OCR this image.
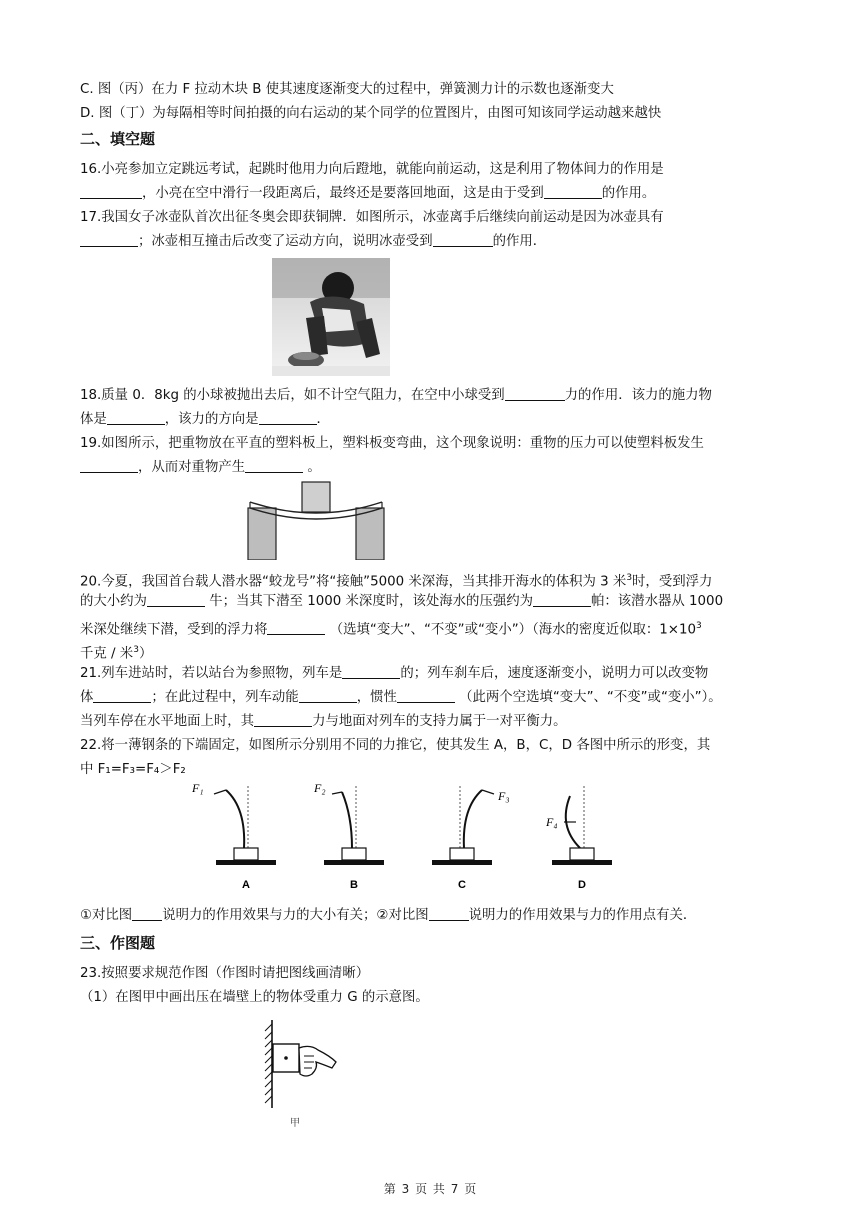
C. 图（丙）在力 F 拉动木块 B 使其速度逐渐变大的过程中，弹簧测力计的示数也逐渐变大
D. 图（丁）为每隔相等时间拍摄的向右运动的某个同学的位置图片，由图可知该同学运动越来越快
二、填空题
16.小亮参加立定跳远考试，起跳时他用力向后蹬地，就能向前运动，这是利用了物体间力的作用是
，小亮在空中滑行一段距离后，最终还是要落回地面，这是由于受到	的作用。
17.我国女子冰壶队首次出征冬奥会即获铜牌．如图所示，冰壶离手后继续向前运动是因为冰壶具有
；冰壶相互撞击后改变了运动方向，说明冰壶受到	的作用．
18.质量 0．8kg 的小球被抛出去后，如不计空气阻力，在空中小球受到	力的作用．该力的施力物
体是	，该力的方向是	．
19.如图所示，把重物放在平直的塑料板上，塑料板变弯曲，这个现象说明：重物的压力可以使塑料板发生
，从而对重物产生	。
20.今夏，我国首台载人潜水器“蛟龙号”将“接触”5000 米深海，当其排开海水的体积为 3 米$^3$时，受到浮力
的大小约为	牛；当其下潜至 1000 米深度时，该处海水的压强约为	帕：该潜水器从 1000
米深处继续下潜，受到的浮力将	（选填“变大”、“不变”或“变小”）（海水的密度近似取：$1\times 10^3$
千克 / 米$^3$）
21.列车进站时，若以站台为参照物，列车是	的；列车刹车后，速度逐渐变小，说明力可以改变物
体	；在此过程中，列车动能	，惯性	（此两个空选填“变大”、“不变”或“变小”）。
当列车停在水平地面上时，其	力与地面对列车的支持力属于一对平衡力。
22.将一薄钢条的下端固定，如图所示分别用不同的力推它，使其发生 A，B，C，D 各图中所示的形变，其
中 F₁=F₃=F₄＞F₂
F₁
A
F₂
B
F₃
C
F₄
D
①对比图 说明力的作用效果与力的大小有关；②对比图	说明力的作用效果与力的作用点有关．
三、作图题
23.按照要求规范作图（作图时请把图线画清晰）
（1）在图甲中画出压在墙壁上的物体受重力 G 的示意图。
甲
第 3 页 共 7 页
